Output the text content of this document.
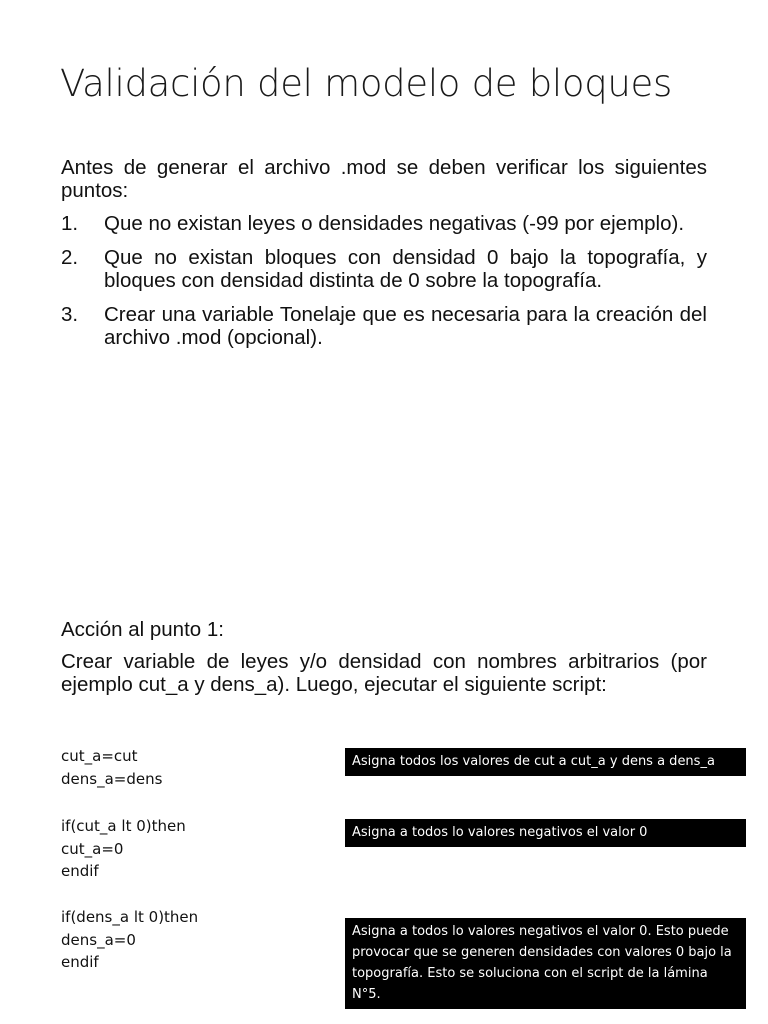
Validación del modelo de bloques

Antes de generar el archivo .mod se deben verificar los siguientes puntos:

1. Que no existan leyes o densidades negativas (-99 por ejemplo).
2. Que no existan bloques con densidad 0 bajo la topografía, y bloques con densidad distinta de 0 sobre la topografía.
3. Crear una variable Tonelaje que es necesaria para la creación del archivo .mod (opcional).

Acción al punto 1:

Crear variable de leyes y/o densidad con nombres arbitrarios (por ejemplo cut_a y dens_a). Luego, ejecutar el siguiente script:

cut_a=cut
dens_a=dens
Asigna todos los valores de cut a cut_a y dens a dens_a
if(cut_a lt 0)then
cut_a=0
endif
Asigna a todos lo valores negativos el valor 0
if(dens_a lt 0)then
dens_a=0
endif
Asigna a todos lo valores negativos el valor 0. Esto puede provocar que se generen densidades con valores 0 bajo la topografía. Esto se soluciona con el script de la lámina N°5.
